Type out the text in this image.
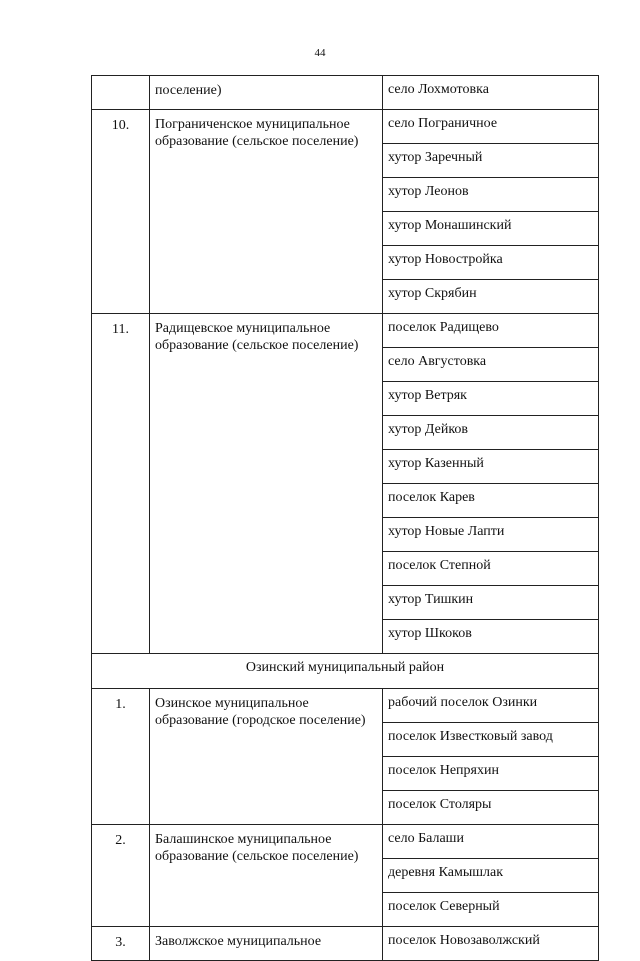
44
	поселение)	село Лохмотовка
10.	Пограниченское муниципальное образование (сельское поселение)	село Пограничное
		хутор Заречный
		хутор Леонов
		хутор Монашинский
		хутор Новостройка
		хутор Скрябин
11.	Радищевское муниципальное образование (сельское поселение)	поселок Радищево
		село Августовка
		хутор Ветряк
		хутор Дейков
		хутор Казенный
		поселок Карев
		хутор Новые Лапти
		поселок Степной
		хутор Тишкин
		хутор Шкоков
Озинский муниципальный район		
1.	Озинское муниципальное образование (городское поселение)	рабочий поселок Озинки
		поселок Известковый завод
		поселок Непряхин
		поселок Столяры
2.	Балашинское муниципальное образование (сельское поселение)	село Балаши
		деревня Камышлак
		поселок Северный
3.	Заволжское муниципальное	поселок Новозаволжский
